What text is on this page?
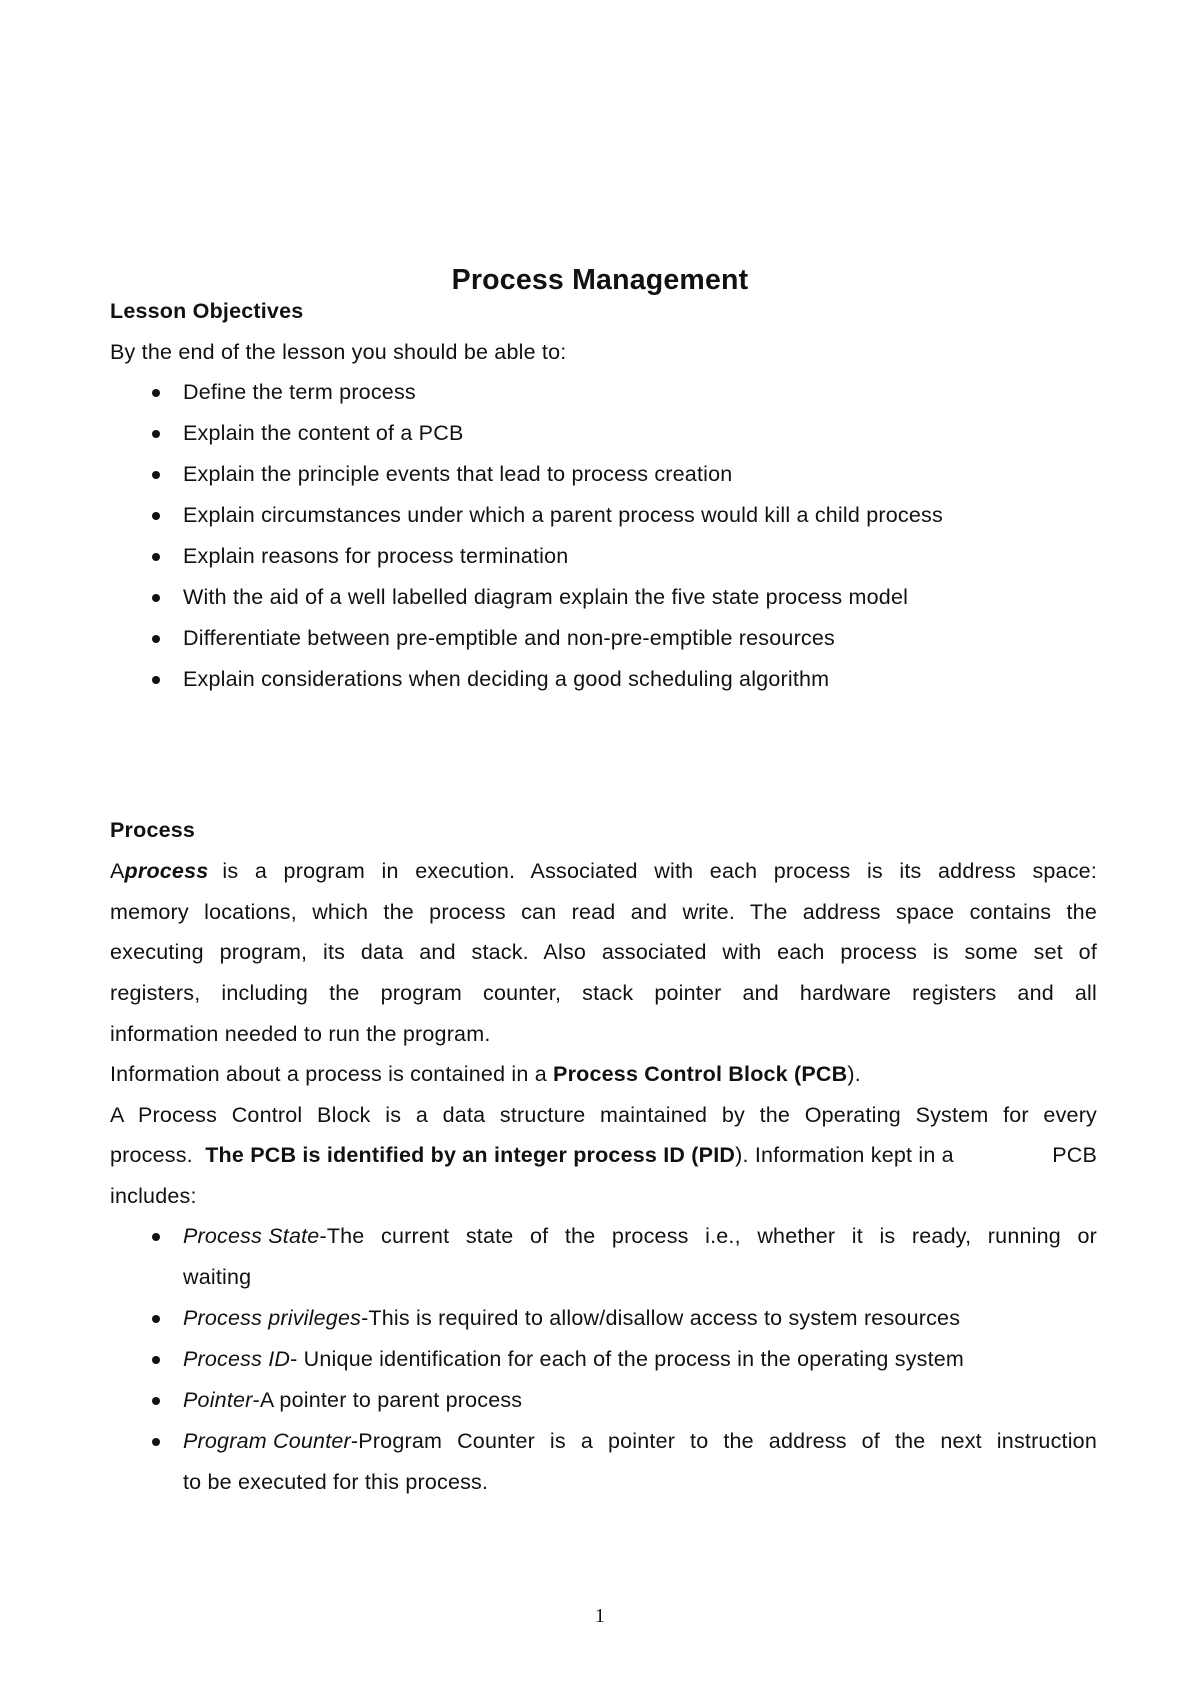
Process Management
Lesson Objectives
By the end of the lesson you should be able to:
Define the term process
Explain the content of a PCB
Explain the principle events that lead to process creation
Explain circumstances under which a parent process would kill a child process
Explain reasons for process termination
With the aid of a well labelled diagram explain the five state process model
Differentiate between pre-emptible and non-pre-emptible resources
Explain considerations when deciding a good scheduling algorithm
Process
A process is a program in execution. Associated with each process is its address space:
memory locations, which the process can read and write. The address space contains the
executing program, its data and stack. Also associated with each process is some set of
registers, including the program counter, stack pointer and hardware registers and all
information needed to run the program.
Information about a process is contained in a Process Control Block (PCB).
A Process Control Block is a data structure maintained by the Operating System for every
process. The PCB is identified by an integer process ID (PID). Information kept in a	PCB
includes:
Process State -The current state of the process i.e., whether it is ready, running or
waiting
Process privileges-This is required to allow/disallow access to system resources
Process ID- Unique identification for each of the process in the operating system
Pointer-A pointer to parent process
Program Counter -Program Counter is a pointer to the address of the next instruction
to be executed for this process.
1
